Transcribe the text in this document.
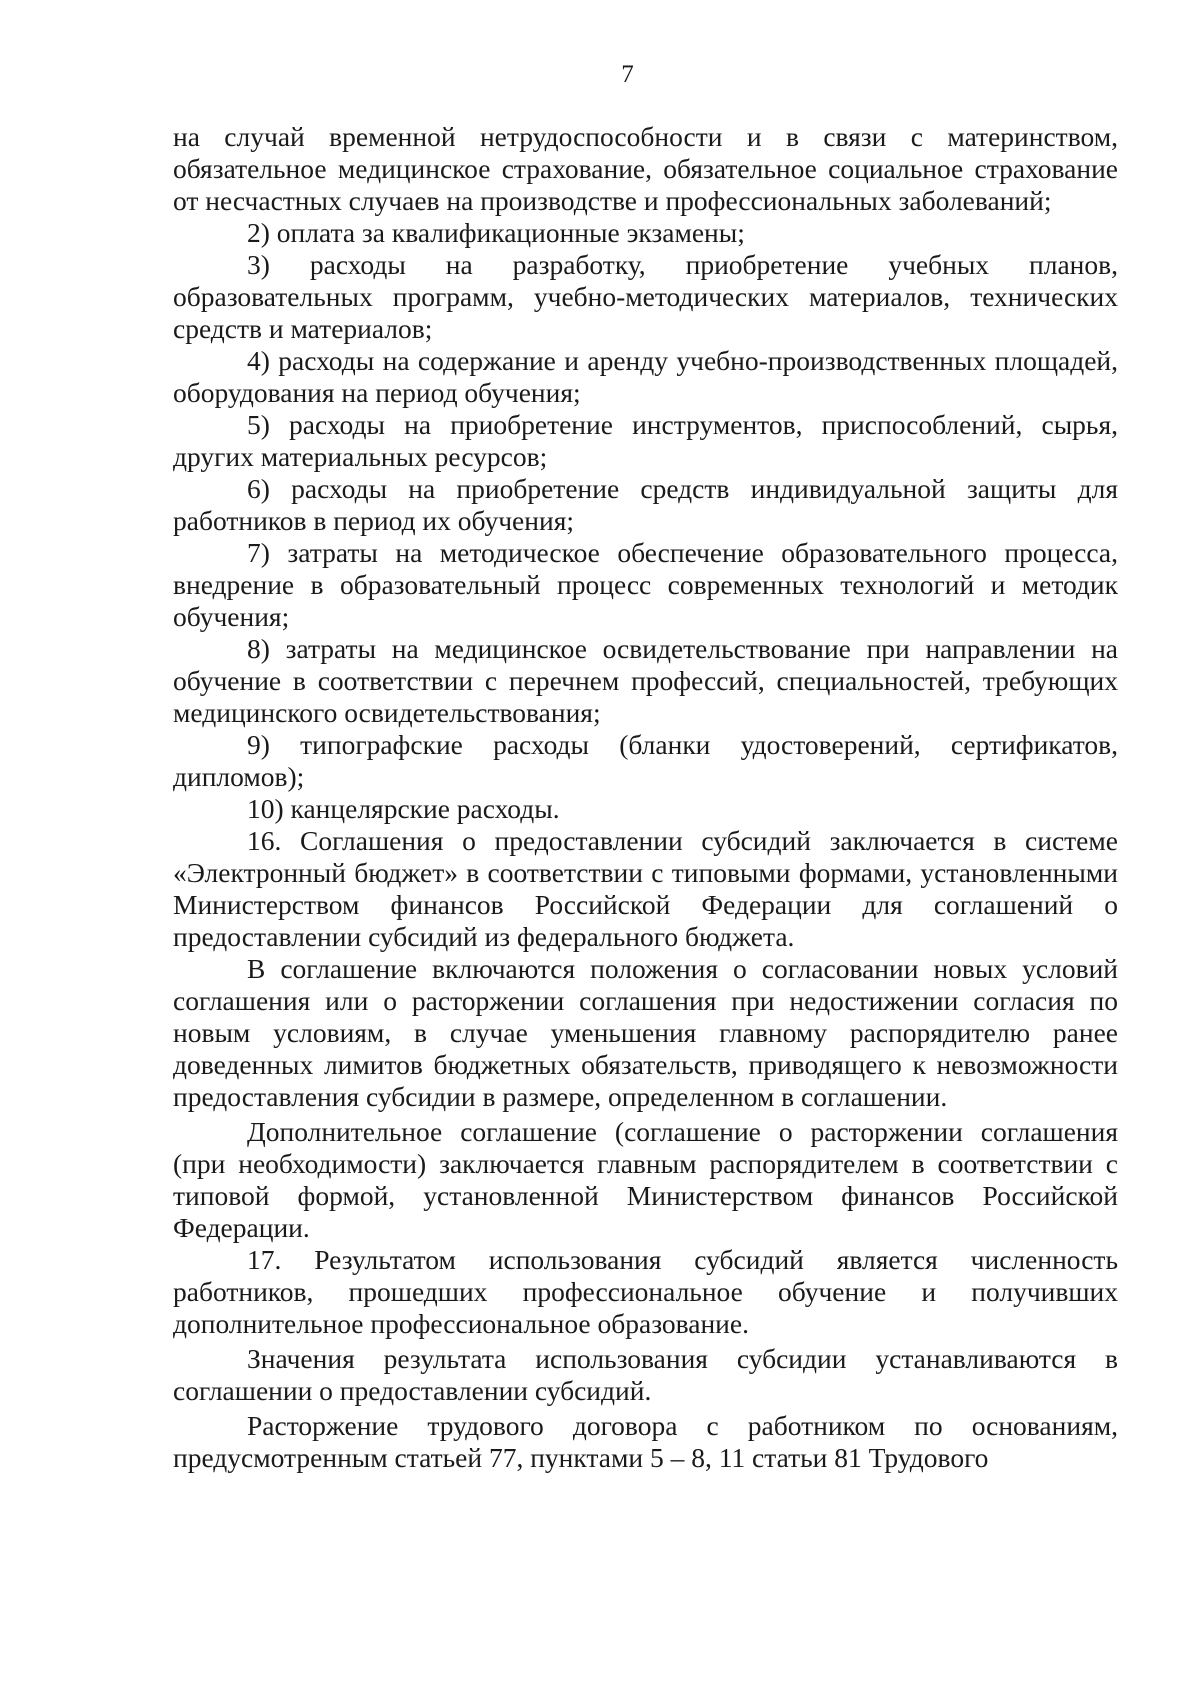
7

на случай временной нетрудоспособности и в связи с материнством, обязательное медицинское страхование, обязательное социальное страхование от несчастных случаев на производстве и профессиональных заболеваний;

2) оплата за квалификационные экзамены;

3) расходы на разработку, приобретение учебных планов, образовательных программ, учебно-методических материалов, технических средств и материалов;

4) расходы на содержание и аренду учебно-производственных площадей, оборудования на период обучения;

5) расходы на приобретение инструментов, приспособлений, сырья, других материальных ресурсов;

6) расходы на приобретение средств индивидуальной защиты для работников в период их обучения;

7) затраты на методическое обеспечение образовательного процесса, внедрение в образовательный процесс современных технологий и методик обучения;

8) затраты на медицинское освидетельствование при направлении на обучение в соответствии с перечнем профессий, специальностей, требующих медицинского освидетельствования;

9) типографские расходы (бланки удостоверений, сертификатов, дипломов);

10) канцелярские расходы.

16. Соглашения о предоставлении субсидий заключается в системе «Электронный бюджет» в соответствии с типовыми формами, установленными Министерством финансов Российской Федерации для соглашений о предоставлении субсидий из федерального бюджета.

В соглашение включаются положения о согласовании новых условий соглашения или о расторжении соглашения при недостижении согласия по новым условиям, в случае уменьшения главному распорядителю ранее доведенных лимитов бюджетных обязательств, приводящего к невозможности предоставления субсидии в размере, определенном в соглашении.

Дополнительное соглашение (соглашение о расторжении соглашения (при необходимости) заключается главным распорядителем в соответствии с типовой формой, установленной Министерством финансов Российской Федерации.

17. Результатом использования субсидий является численность работников, прошедших профессиональное обучение и получивших дополнительное профессиональное образование.

Значения результата использования субсидии устанавливаются в соглашении о предоставлении субсидий.

Расторжение трудового договора с работником по основаниям, предусмотренным статьей 77, пунктами 5 – 8, 11 статьи 81 Трудового
